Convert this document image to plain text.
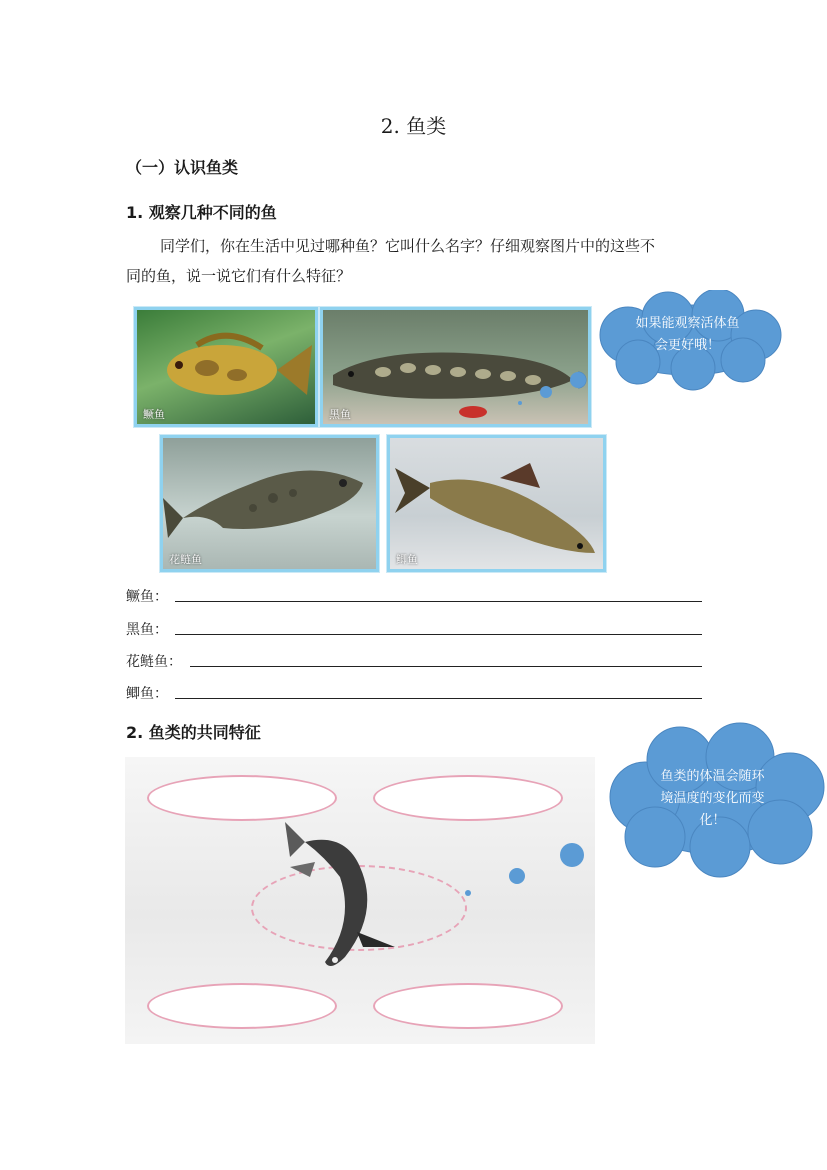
2. 鱼类
（一）认识鱼类
1. 观察几种不同的鱼
同学们，你在生活中见过哪种鱼？它叫什么名字？仔细观察图片中的这些不
同的鱼，说一说它们有什么特征？
鳜鱼	黑鱼
花鲢鱼	鲫鱼
如果能观察活体鱼
会更好哦！
鳜鱼：
黑鱼：
花鲢鱼：
鲫鱼：
2. 鱼类的共同特征
鱼类的体温会随环
境温度的变化而变
化！
